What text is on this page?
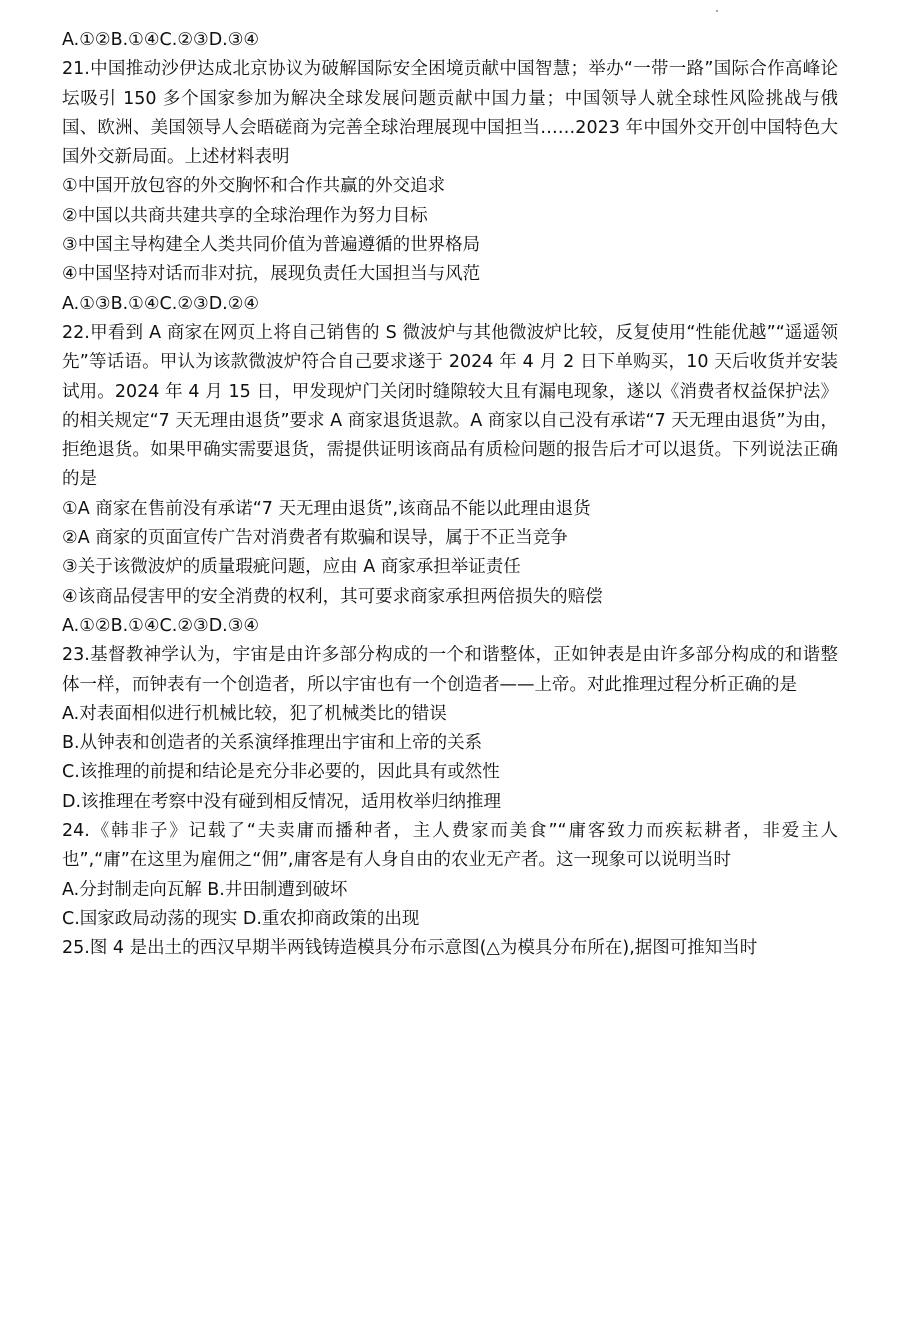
A.①②B.①④C.②③D.③④
21.中国推动沙伊达成北京协议为破解国际安全困境贡献中国智慧；举办“一带一路”国际合作高峰论坛吸引 150 多个国家参加为解决全球发展问题贡献中国力量；中国领导人就全球性风险挑战与俄国、欧洲、美国领导人会晤磋商为完善全球治理展现中国担当……2023 年中国外交开创中国特色大国外交新局面。上述材料表明
①中国开放包容的外交胸怀和合作共赢的外交追求
②中国以共商共建共享的全球治理作为努力目标
③中国主导构建全人类共同价值为普遍遵循的世界格局
④中国坚持对话而非对抗，展现负责任大国担当与风范
A.①③B.①④C.②③D.②④
22.甲看到 A 商家在网页上将自己销售的 S 微波炉与其他微波炉比较，反复使用“性能优越”“遥遥领先”等话语。甲认为该款微波炉符合自己要求遂于 2024 年 4 月 2 日下单购买，10 天后收货并安装试用。2024 年 4 月 15 日，甲发现炉门关闭时缝隙较大且有漏电现象，遂以《消费者权益保护法》的相关规定“7 天无理由退货”要求 A 商家退货退款。A 商家以自己没有承诺“7 天无理由退货”为由，拒绝退货。如果甲确实需要退货，需提供证明该商品有质检问题的报告后才可以退货。下列说法正确的是
①A 商家在售前没有承诺“7 天无理由退货”,该商品不能以此理由退货
②A 商家的页面宣传广告对消费者有欺骗和误导，属于不正当竞争
③关于该微波炉的质量瑕疵问题，应由 A 商家承担举证责任
④该商品侵害甲的安全消费的权利，其可要求商家承担两倍损失的赔偿
A.①②B.①④C.②③D.③④
23.基督教神学认为，宇宙是由许多部分构成的一个和谐整体，正如钟表是由许多部分构成的和谐整体一样，而钟表有一个创造者，所以宇宙也有一个创造者——上帝。对此推理过程分析正确的是
A.对表面相似进行机械比较，犯了机械类比的错误
B.从钟表和创造者的关系演绎推理出宇宙和上帝的关系
C.该推理的前提和结论是充分非必要的，因此具有或然性
D.该推理在考察中没有碰到相反情况，适用枚举归纳推理
24.《韩非子》记载了“夫卖庸而播种者，主人费家而美食”“庸客致力而疾耘耕者，非爱主人也”,“庸”在这里为雇佣之“佣”,庸客是有人身自由的农业无产者。这一现象可以说明当时
A.分封制走向瓦解 B.井田制遭到破坏
C.国家政局动荡的现实 D.重农抑商政策的出现
25.图 4 是出土的西汉早期半两钱铸造模具分布示意图(△为模具分布所在),据图可推知当时
